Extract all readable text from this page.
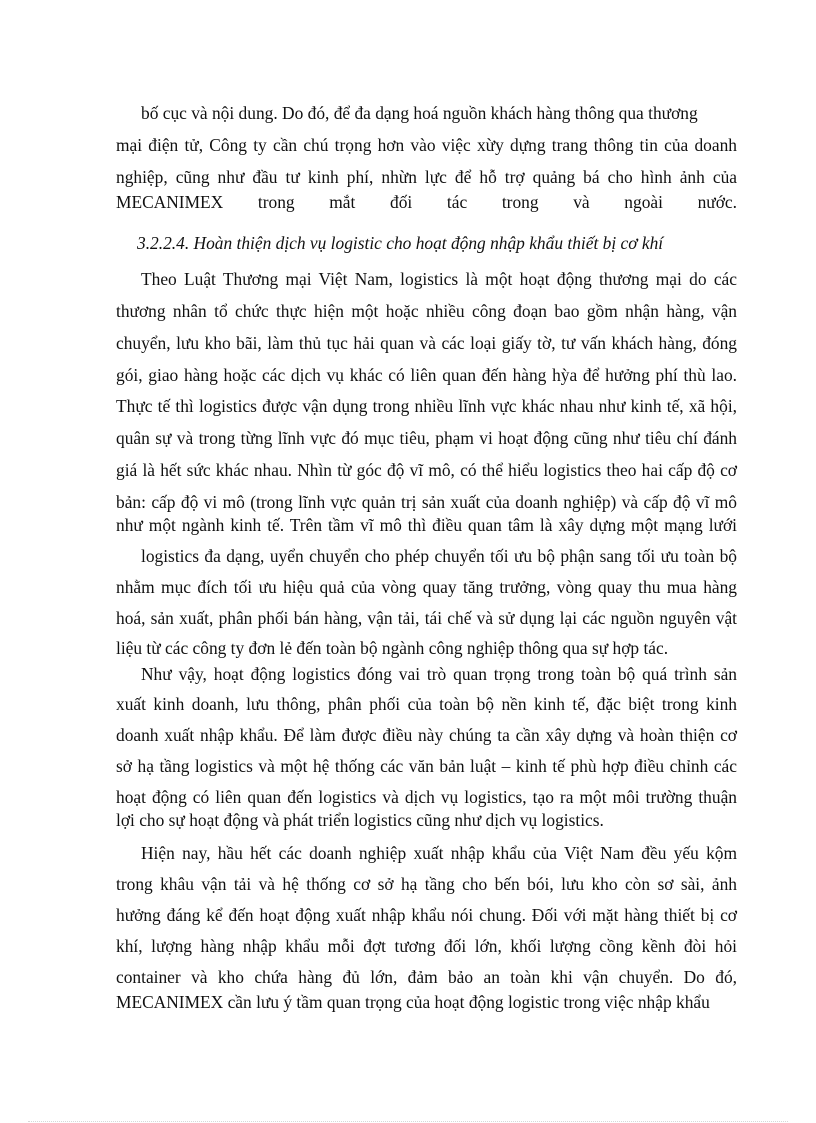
bố cục và nội dung. Do đó, để đa dạng hoá nguồn khách hàng thông qua thương
mại điện tử, Công ty cần chú trọng hơn vào việc xừy dựng trang thông tin của doanh
nghiệp, cũng như đầu tư kinh phí, nhừn lực để hỗ trợ quảng bá cho hình ảnh của
MECANIMEX trong mắt đối tác trong và ngoài nước.
3.2.2.4. Hoàn thiện dịch vụ logistic cho hoạt động nhập khẩu thiết bị cơ khí
Theo Luật Thương mại Việt Nam, logistics là một hoạt động thương mại do các
thương nhân tổ chức thực hiện một hoặc nhiều công đoạn bao gồm nhận hàng, vận
chuyển, lưu kho bãi, làm thủ tục hải quan và các loại giấy tờ, tư vấn khách hàng, đóng
gói, giao hàng hoặc các dịch vụ khác có liên quan đến hàng hỳa để hưởng phí thù lao.
Thực tế thì logistics được vận dụng trong nhiều lĩnh vực khác nhau như kinh tế, xã hội,
quân sự và trong từng lĩnh vực đó mục tiêu, phạm vi hoạt động cũng như tiêu chí đánh
giá là hết sức khác nhau. Nhìn từ góc độ vĩ mô, có thể hiểu logistics theo hai cấp độ cơ
bản: cấp độ vi mô (trong lĩnh vực quản trị sản xuất của doanh nghiệp) và cấp độ vĩ mô
như một ngành kinh tế. Trên tầm vĩ mô thì điều quan tâm là xây dựng một mạng lưới
logistics đa dạng, uyển chuyển cho phép chuyển tối ưu bộ phận sang tối ưu toàn bộ
nhằm mục đích tối ưu hiệu quả của vòng quay tăng trưởng, vòng quay thu mua hàng
hoá, sản xuất, phân phối bán hàng, vận tải, tái chế và sử dụng lại các nguồn nguyên vật
liệu từ các công ty đơn lẻ đến toàn bộ ngành công nghiệp thông qua sự hợp tác.
Như vậy, hoạt động logistics đóng vai trò quan trọng trong toàn bộ quá trình sản
xuất kinh doanh, lưu thông, phân phối của toàn bộ nền kinh tế, đặc biệt trong kinh
doanh xuất nhập khẩu. Để làm được điều này chúng ta cần xây dựng và hoàn thiện cơ
sở hạ tầng logistics và một hệ thống các văn bản luật – kinh tế phù hợp điều chỉnh các
hoạt động có liên quan đến logistics và dịch vụ logistics, tạo ra một môi trường thuận
lợi cho sự hoạt động và phát triển logistics cũng như dịch vụ logistics.
Hiện nay, hầu hết các doanh nghiệp xuất nhập khẩu của Việt Nam đều yếu kộm
trong khâu vận tải và hệ thống cơ sở hạ tầng cho bến bói, lưu kho còn sơ sài, ảnh
hưởng đáng kể đến hoạt động xuất nhập khẩu nói chung. Đối với mặt hàng thiết bị cơ
khí, lượng hàng nhập khẩu mỗi đợt tương đối lớn, khối lượng cồng kềnh đòi hỏi
container và kho chứa hàng đủ lớn, đảm bảo an toàn khi vận chuyển. Do đó,
MECANIMEX cần lưu ý tầm quan trọng của hoạt động logistic trong việc nhập khẩu
